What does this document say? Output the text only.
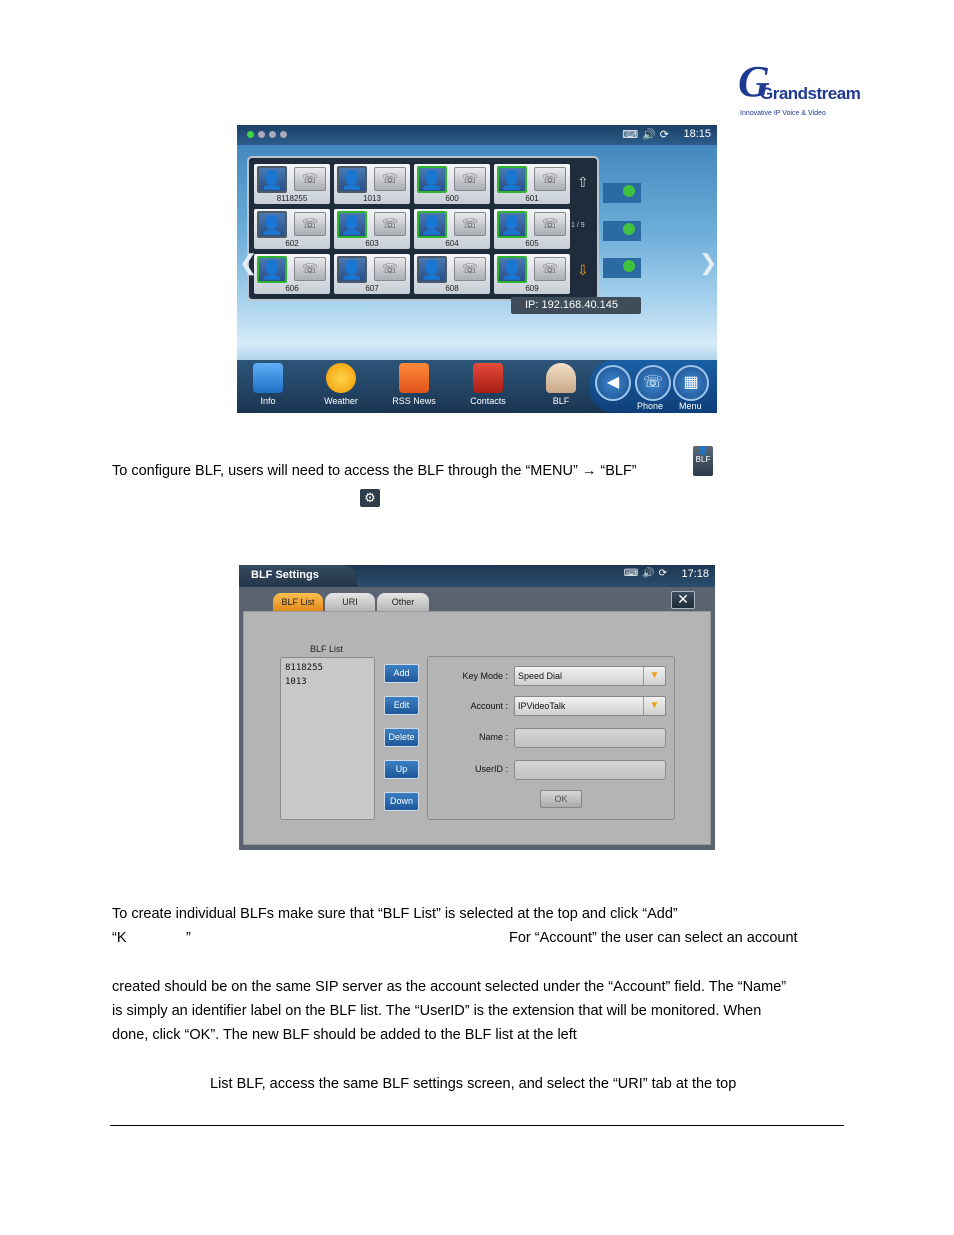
G
Grandstream
Innovative IP Voice & Video
⌨🔊⟳ 18:15
👤	☏
8118255
👤	☏
1013
👤	☏
600
👤	☏
601
👤	☏
602
👤	☏
603
👤	☏
604
👤	☏
605
👤	☏
606
👤	☏
607
👤	☏
608
👤	☏
609
⇧
1 / 9
⇩
❮	❯
IP: 192.168.40.145
Info	Weather	RSS News	Contacts	BLF
◀	☏	▦
Phone Menu
To configure BLF, users will need to access the BLF through the “MENU” → “BLF”
👤
BLF
⚙
BLF Settings	⌨🔊⟳ 17:18
BLF List	URI	Other	✕
BLF List
8118255
1013
Add
Edit
Delete
Up
Down
Key Mode :	Speed Dial	▼
Account :	IPVideoTalk	▼
Name :
UserID :
OK
To create individual BLFs make sure that “BLF List” is selected at the top and click “Add”
“K	”	For “Account” the user can select an account
created should be on the same SIP server as the account selected under the “Account” field. The “Name”
is simply an identifier label on the BLF list. The “UserID” is the extension that will be monitored. When
done, click “OK”. The new BLF should be added to the BLF list at the left
List BLF, access the same BLF settings screen, and select the “URI” tab at the top
